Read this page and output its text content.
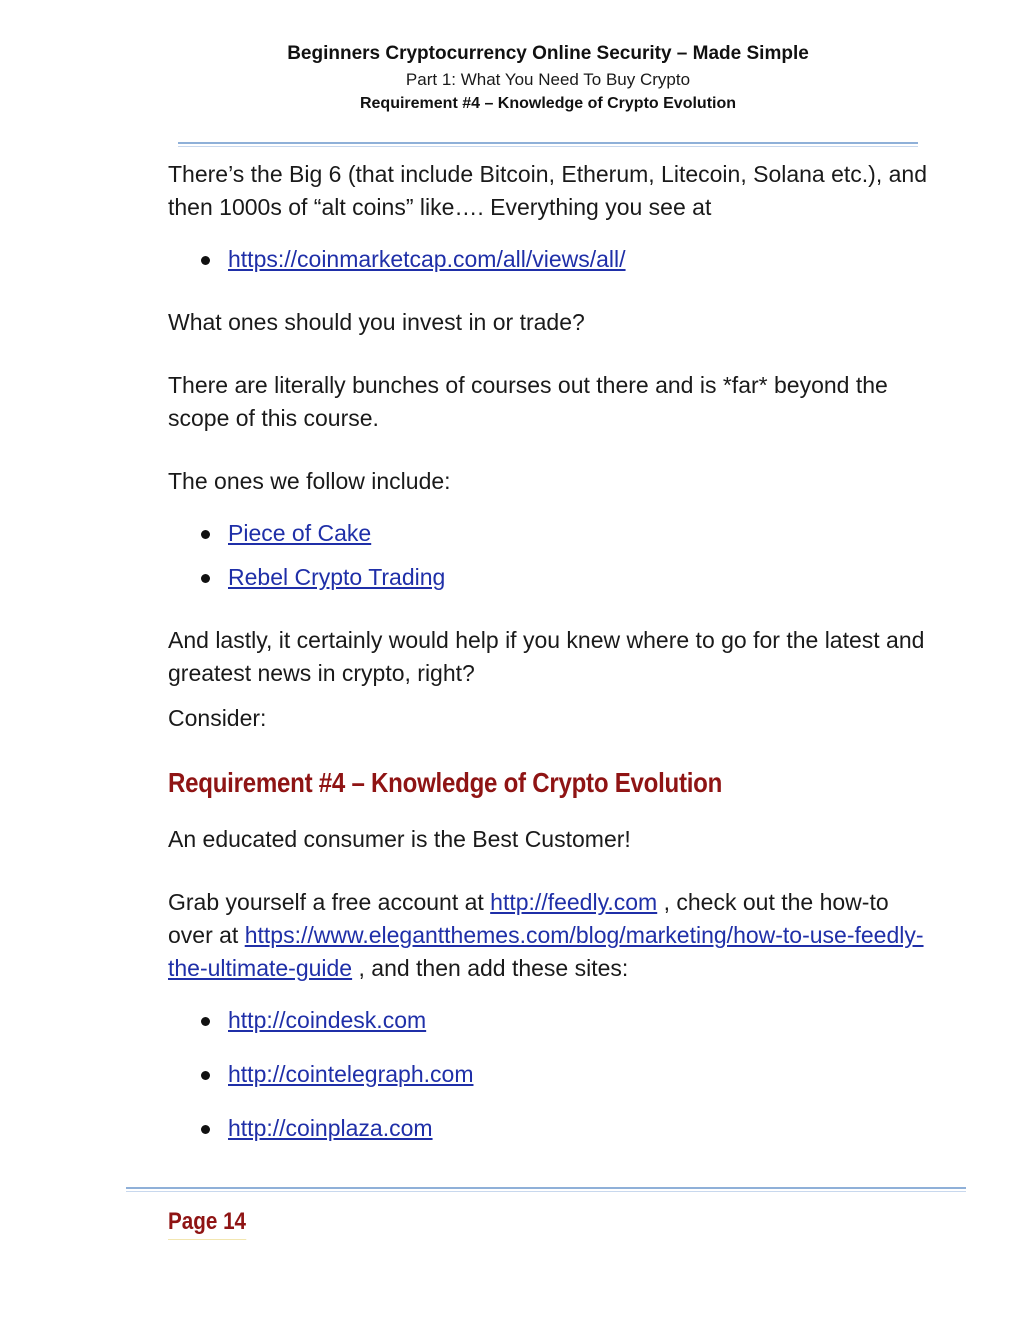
Beginners Cryptocurrency Online Security – Made Simple
Part 1: What You Need To Buy Crypto
Requirement #4 – Knowledge of Crypto Evolution

There’s the Big 6 (that include Bitcoin, Etherum, Litecoin, Solana etc.), and then 1000s of “alt coins” like…. Everything you see at

https://coinmarketcap.com/all/views/all/

What ones should you invest in or trade?

There are literally bunches of courses out there and is *far* beyond the scope of this course.

The ones we follow include:

Piece of Cake
Rebel Crypto Trading

And lastly, it certainly would help if you knew where to go for the latest and greatest news in crypto, right?

Consider:

Requirement #4 – Knowledge of Crypto Evolution

An educated consumer is the Best Customer!

Grab yourself a free account at http://feedly.com , check out the how-to over at https://www.elegantthemes.com/blog/marketing/how-to-use-feedly-the-ultimate-guide , and then add these sites:

http://coindesk.com
http://cointelegraph.com
http://coinplaza.com
Page 14
